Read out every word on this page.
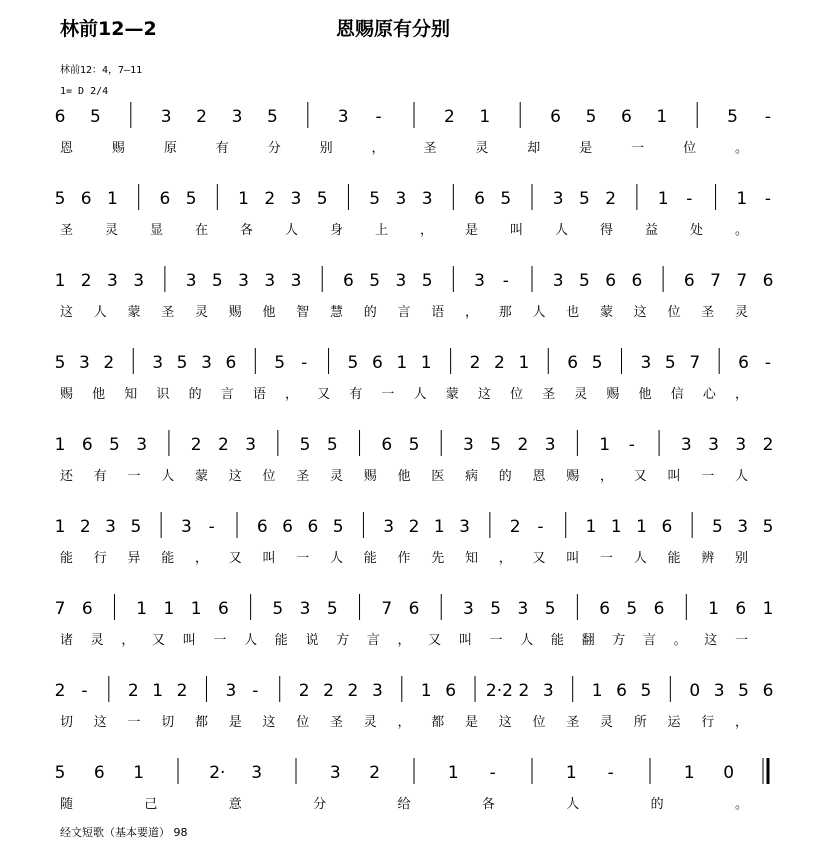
林前12—2	恩赐原有分别
林前12：4，7—11
1= D 2/4
6 5	3 2 3 5	3 -	2 1	6 5 6 1	5 -
恩赐原有分别，圣灵却是一位。
5 6 1 6 5 1 2 3 5 5 3 3 6 5 3 5 2 1 -	1 -
圣灵显在各人身上，是叫人得益处。
1 2 3 3 3 5 3 3 3 6 5 3 5 3 -	3 5 6 6 6 7 7 6
这人蒙圣灵赐他智慧的言语，那人也蒙这位圣灵
5 3 2 3 5 3 6 5 - 5 6 1 1 2 2 1 6 5 3 5 7 6 -
赐他知识的言语，又有一人蒙这位圣灵赐他信心，
1 6 5 3	2 2 3	5 5	6 5	3 5 2 3	1 -	3 3 3 2
还有一人蒙这位圣灵赐他医病的恩赐，又叫一人
1 2 3 5 3 - 6 6 6 5 3 2 1 3 2 - 1 1 1 6 5 3 5
能行异能，又叫一人能作先知，又叫一人能辨别
7 6	1 1 1 6	5 3 5	7 6	3 5 3 5	6 5 6	1 6 1
诸灵，又叫一人能说方言，又叫一人能翻方言。这一
2 - 2 1 2 3 - 2 2 2 3 1 6 2·2 2 3 1 6 5 0 3 5 6
切这一切都是这位圣灵，都是这位圣灵所运行，
5 6 1	2· 3	3 2	1 -	1 -	1 0
随己意分给各人的。
经文短歌（基本要道） 98
